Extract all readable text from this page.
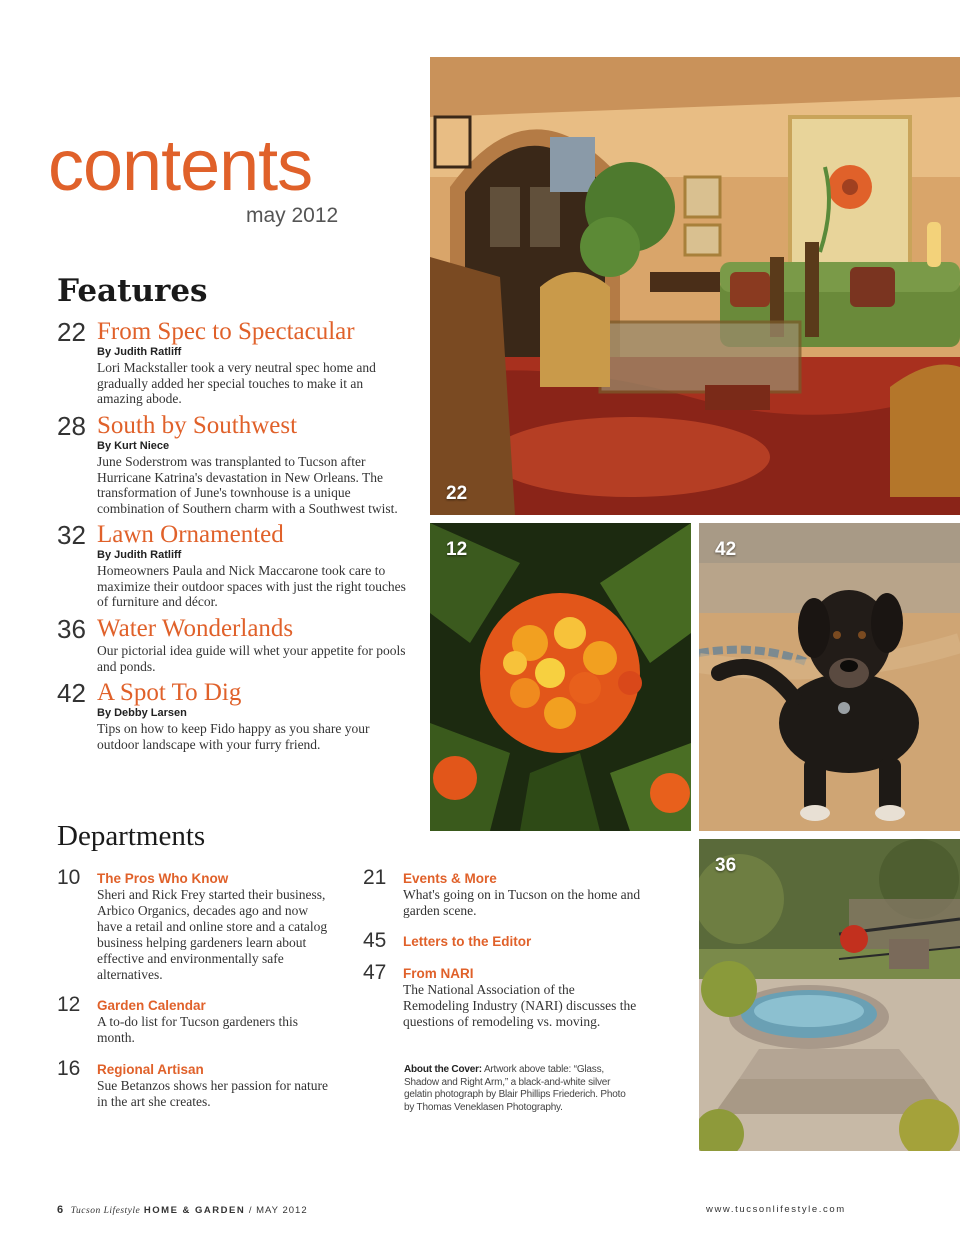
contents
may 2012
Features
22 From Spec to Spectacular
By Judith Ratliff
Lori Mackstaller took a very neutral spec home and gradually added her special touches to make it an amazing abode.
28 South by Southwest
By Kurt Niece
June Soderstrom was transplanted to Tucson after Hurricane Katrina's devastation in New Orleans. The transformation of June's townhouse is a unique combination of Southern charm with a Southwest twist.
32 Lawn Ornamented
By Judith Ratliff
Homeowners Paula and Nick Maccarone took care to maximize their outdoor spaces with just the right touches of furniture and décor.
36 Water Wonderlands
Our pictorial idea guide will whet your appetite for pools and ponds.
42 A Spot To Dig
By Debby Larsen
Tips on how to keep Fido happy as you share your outdoor landscape with your furry friend.
Departments
10 The Pros Who Know
Sheri and Rick Frey started their business, Arbico Organics, decades ago and now have a retail and online store and a catalog business helping gardeners learn about effective and environmentally safe alternatives.
12 Garden Calendar
A to-do list for Tucson gardeners this month.
16 Regional Artisan
Sue Betanzos shows her passion for nature in the art she creates.
21 Events & More
What's going on in Tucson on the home and garden scene.
45 Letters to the Editor
47 From NARI
The National Association of the Remodeling Industry (NARI) discusses the questions of remodeling vs. moving.
About the Cover: Artwork above table: “Glass, Shadow and Right Arm,” a black-and-white silver gelatin photograph by Blair Phillips Friederich. Photo by Thomas Veneklasen Photography.
22
12	42
36
6 Tucson Lifestyle HOME & GARDEN / MAY 2012	www.tucsonlifestyle.com
